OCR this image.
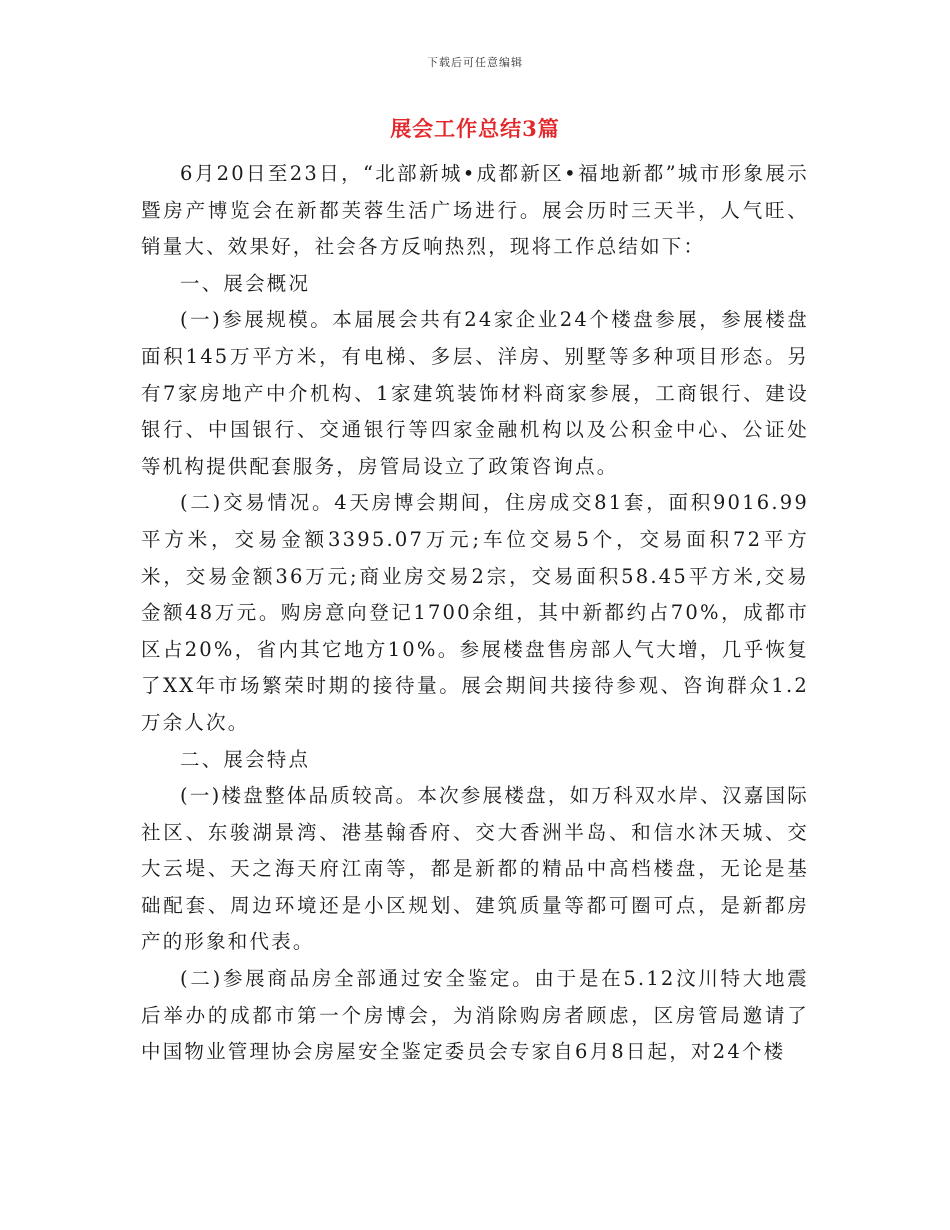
下载后可任意编辑
展会工作总结3篇

6月20日至23日，“北部新城•成都新区•福地新都”城市形象展示暨房产博览会在新都芙蓉生活广场进行。展会历时三天半，人气旺、销量大、效果好，社会各方反响热烈，现将工作总结如下：

一、展会概况

(一)参展规模。本届展会共有24家企业24个楼盘参展，参展楼盘面积145万平方米，有电梯、多层、洋房、别墅等多种项目形态。另有7家房地产中介机构、1家建筑装饰材料商家参展，工商银行、建设银行、中国银行、交通银行等四家金融机构以及公积金中心、公证处等机构提供配套服务，房管局设立了政策咨询点。

(二)交易情况。4天房博会期间，住房成交81套，面积9016.99平方米，交易金额3395.07万元;车位交易5个，交易面积72平方米，交易金额36万元;商业房交易2宗，交易面积58.45平方米,交易金额48万元。购房意向登记1700余组，其中新都约占70%，成都市区占20%，省内其它地方10%。参展楼盘售房部人气大增，几乎恢复了XX年市场繁荣时期的接待量。展会期间共接待参观、咨询群众1.2万余人次。

二、展会特点

(一)楼盘整体品质较高。本次参展楼盘，如万科双水岸、汉嘉国际社区、东骏湖景湾、港基翰香府、交大香洲半岛、和信水沐天城、交大云堤、天之海天府江南等，都是新都的精品中高档楼盘，无论是基础配套、周边环境还是小区规划、建筑质量等都可圈可点，是新都房产的形象和代表。

(二)参展商品房全部通过安全鉴定。由于是在5.12汶川特大地震后举办的成都市第一个房博会，为消除购房者顾虑，区房管局邀请了中国物业管理协会房屋安全鉴定委员会专家自6月8日起，对24个楼
